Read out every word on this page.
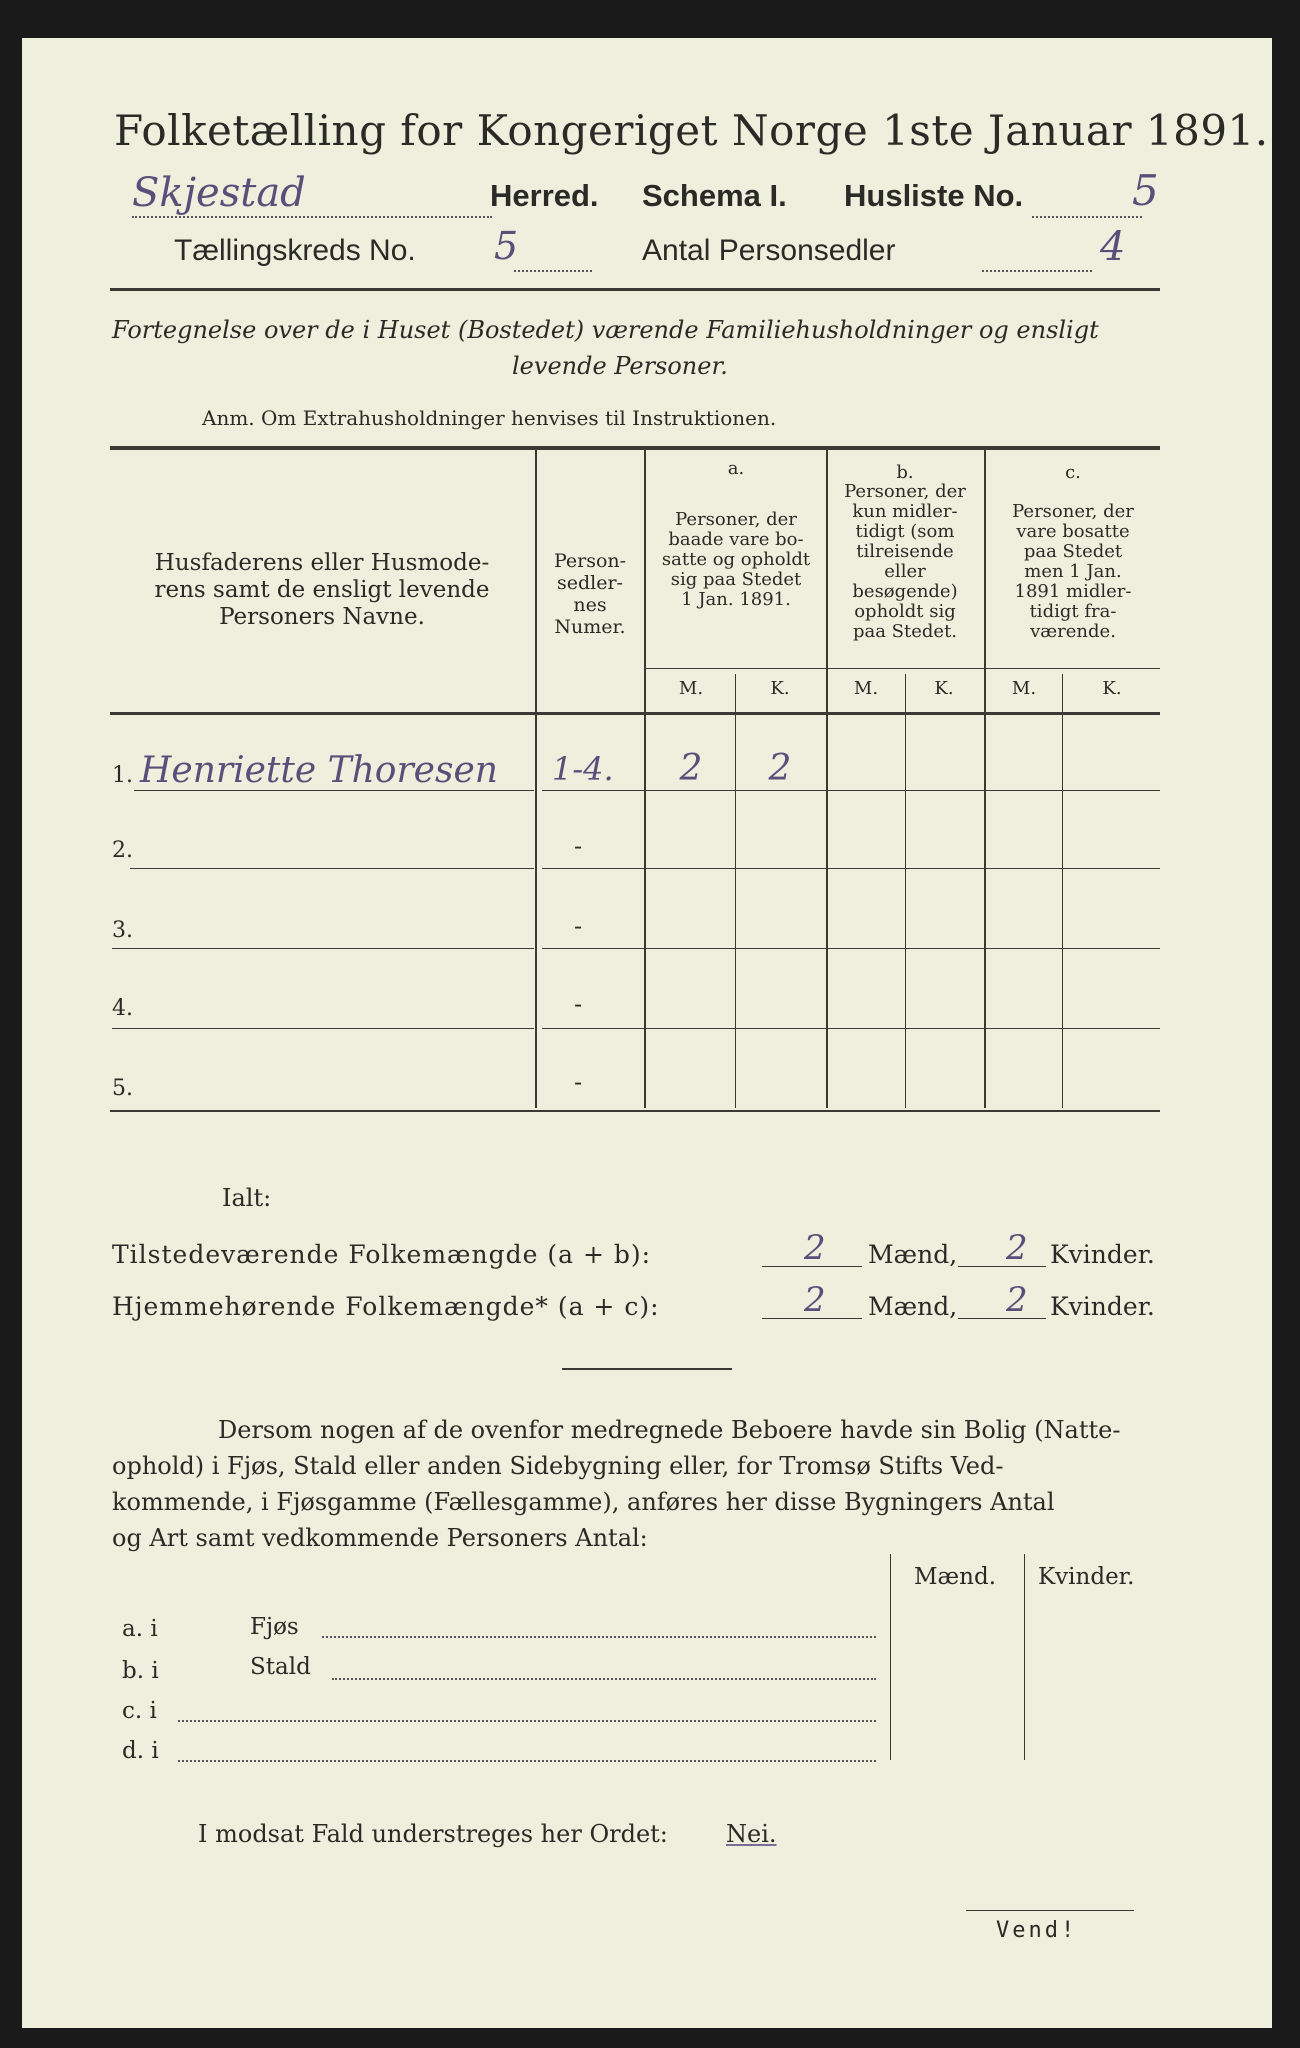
Folketælling for Kongeriget Norge 1ste Januar 1891.
Skjestad	Herred. Schema I. Husliste No.	5
Tællingskreds No. 5	Antal Personsedler	4
Fortegnelse over de i Huset (Bostedet) værende Familiehusholdninger og ensligt
levende Personer.
Anm. Om Extrahusholdninger henvises til Instruktionen.
Husfaderens eller Husmode-
rens samt de ensligt levende
Personers Navne.
Person-
sedler-
nes
Numer.
a.
Personer, der
baade vare bo-
satte og opholdt
sig paa Stedet
1 Jan. 1891.
b.
Personer, der
kun midler-
tidigt (som
tilreisende
eller
besøgende)
opholdt sig
paa Stedet.
c.
Personer, der
vare bosatte
paa Stedet
men 1 Jan.
1891 midler-
tidigt fra-
værende.
M.	K.	M.	K.	M.	K.
1. Henriette Thoresen 1-4.	2	2
2.	-
3.	-
4.	-
5.	-
Ialt:
Tilstedeværende Folkemængde (a + b):	2 Mænd, 2 Kvinder.
Hjemmehørende Folkemængde* (a + c):	2 Mænd, 2 Kvinder.
Dersom nogen af de ovenfor medregnede Beboere havde sin Bolig (Natte-
ophold) i Fjøs, Stald eller anden Sidebygning eller, for Tromsø Stifts Ved-
kommende, i Fjøsgamme (Fællesgamme), anføres her disse Bygningers Antal
og Art samt vedkommende Personers Antal:
Mænd. Kvinder.
a. i	Fjøs
b. i	Stald
c. i
d. i
I modsat Fald understreges her Ordet: Nei.
Vend!
